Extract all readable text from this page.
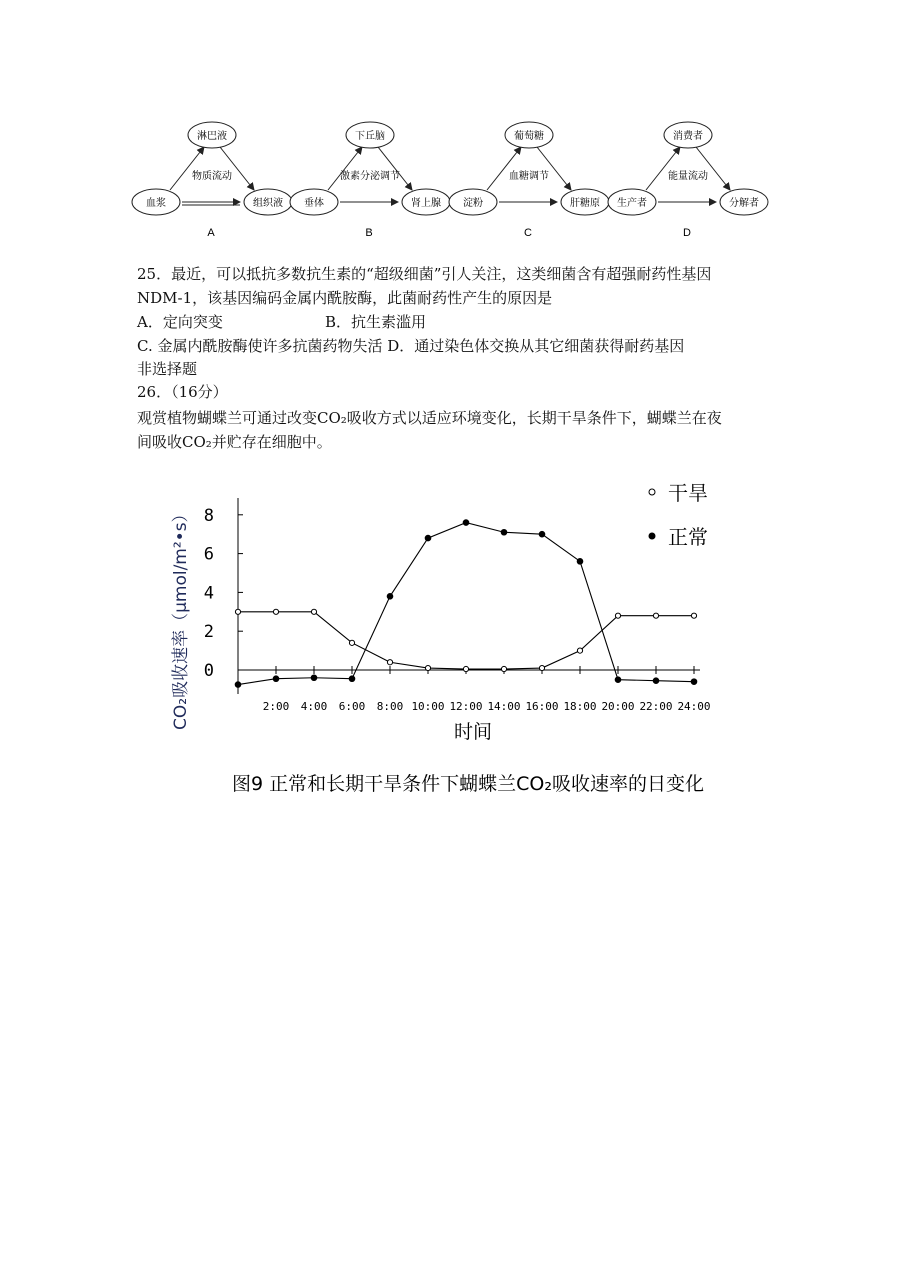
淋巴液
血浆	组织液
物质流动
A
下丘脑
垂体	肾上腺
激素分泌调节
B
葡萄糖
淀粉	肝糖原
血糖调节
C
消费者
生产者	分解者
能量流动
D
25．最近，可以抵抗多数抗生素的“超级细菌”引人关注，这类细菌含有超强耐药性基因
NDM-1，该基因编码金属内酰胺酶，此菌耐药性产生的原因是
A．定向突变	B．抗生素滥用
C. 金属内酰胺酶使许多抗菌药物失活 D．通过染色体交换从其它细菌获得耐药基因
非选择题
26．（16分）
观赏植物蝴蝶兰可通过改变CO₂吸收方式以适应环境变化，长期干旱条件下，蝴蝶兰在夜
间吸收CO₂并贮存在细胞中。
0
2
4
6
8
2:00 4:00 6:00 8:00 10:00 12:00 14:00 16:00 18:00 20:00 22:00 24:00
干旱
正常
CO₂吸收速率（μmol/m²•s）
时间
图9 正常和长期干旱条件下蝴蝶兰CO₂吸收速率的日变化
